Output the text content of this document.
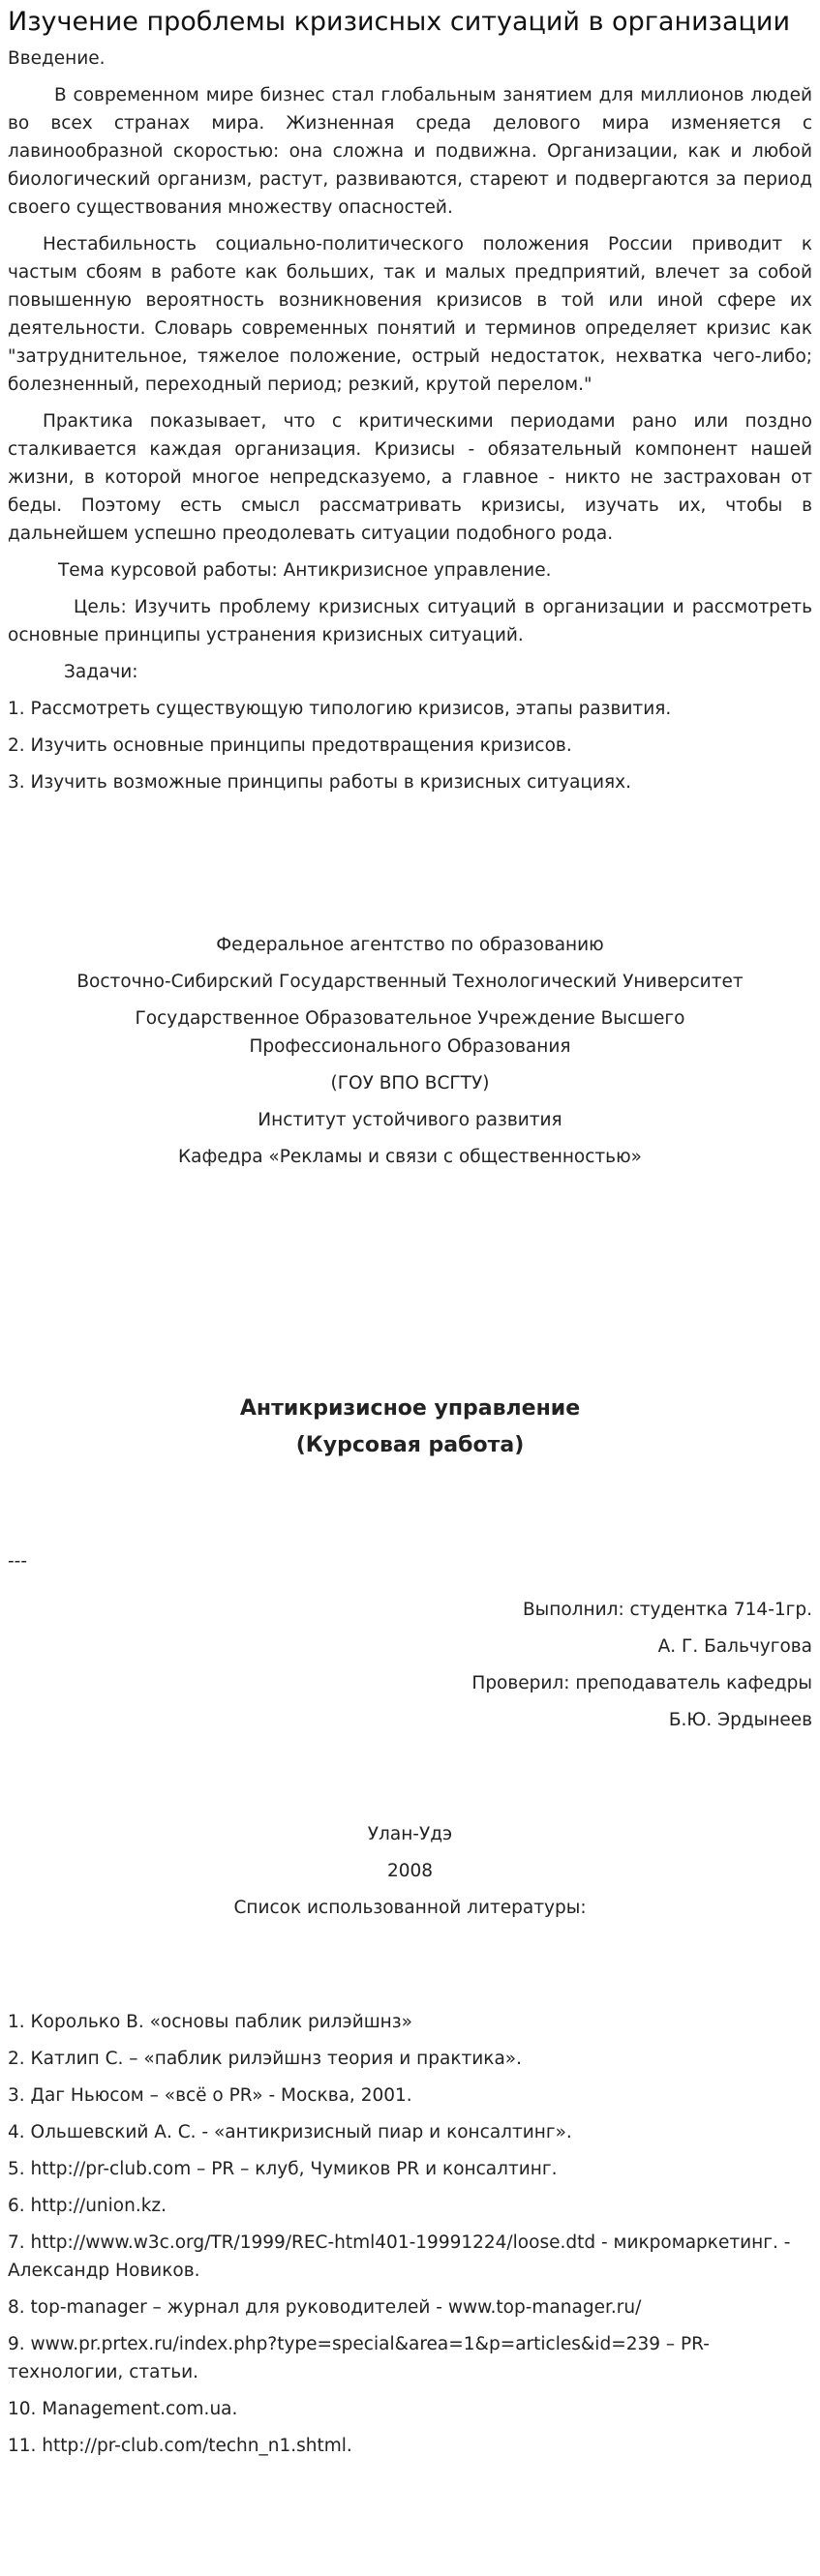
Изучение проблемы кризисных ситуаций в организации

Введение.

В современном мире бизнес стал глобальным занятием для миллионов людей во всех странах мира. Жизненная среда делового мира изменяется с лавинообразной скоростью: она сложна и подвижна. Организации, как и любой биологический организм, растут, развиваются, стареют и подвергаются за период своего существования множеству опасностей.

Нестабильность социально-политического положения России приводит к частым сбоям в работе как больших, так и малых предприятий, влечет за собой повышенную вероятность возникновения кризисов в той или иной сфере их деятельности. Словарь современных понятий и терминов определяет кризис как "затруднительное, тяжелое положение, острый недостаток, нехватка чего-либо; болезненный, переходный период; резкий, крутой перелом."

Практика показывает, что с критическими периодами рано или поздно сталкивается каждая организация. Кризисы - обязательный компонент нашей жизни, в которой многое непредсказуемо, а главное - никто не застрахован от беды. Поэтому есть смысл рассматривать кризисы, изучать их, чтобы в дальнейшем успешно преодолевать ситуации подобного рода.

Тема курсовой работы: Антикризисное управление.

Цель: Изучить проблему кризисных ситуаций в организации и рассмотреть основные принципы устранения кризисных ситуаций.

Задачи:

1. Рассмотреть существующую типологию кризисов, этапы развития.

2. Изучить основные принципы предотвращения кризисов.

3. Изучить возможные принципы работы в кризисных ситуациях.

Федеральное агентство по образованию

Восточно-Сибирский Государственный Технологический Университет

Государственное Образовательное Учреждение Высшего Профессионального Образования

(ГОУ ВПО ВСГТУ)

Институт устойчивого развития

Кафедра «Рекламы и связи с общественностью»

Антикризисное управление

(Курсовая работа)

---

Выполнил: студентка 714-1гр.

А. Г. Бальчугова

Проверил: преподаватель кафедры

Б.Ю. Эрдынеев

Улан-Удэ

2008

Список использованной литературы:

1. Королько В. «основы паблик рилэйшнз»

2. Катлип С. – «паблик рилэйшнз теория и практика».

3. Даг Ньюсом – «всё о PR» - Москва, 2001.

4. Ольшевский А. С. - «антикризисный пиар и консалтинг».

5. http://pr-club.com – PR – клуб, Чумиков PR и консалтинг.

6. http://union.kz.

7. http://www.w3c.org/TR/1999/REC-html401-19991224/loose.dtd - микромаркетинг. - Александр Новиков.

8. top-manager – журнал для руководителей - www.top-manager.ru/

9. www.pr.prtex.ru/index.php?type=special&area=1&p=articles&id=239 – PR- технологии, статьи.

10. Management.com.ua.

11. http://pr-club.com/techn_n1.shtml.
